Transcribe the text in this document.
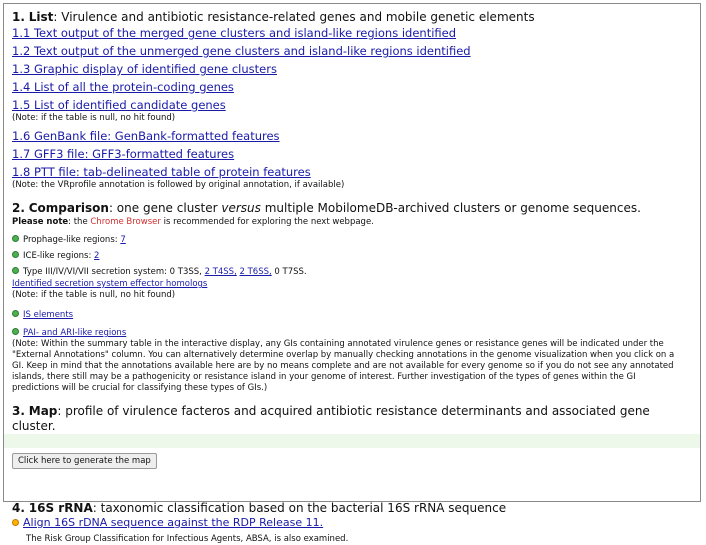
1. List: Virulence and antibiotic resistance-related genes and mobile genetic elements
1.1 Text output of the merged gene clusters and island-like regions identified
1.2 Text output of the unmerged gene clusters and island-like regions identified
1.3 Graphic display of identified gene clusters
1.4 List of all the protein-coding genes
1.5 List of identified candidate genes
(Note: if the table is null, no hit found)
1.6 GenBank file: GenBank-formatted features
1.7 GFF3 file: GFF3-formatted features
1.8 PTT file: tab-delineated table of protein features
(Note: the VRprofile annotation is followed by original annotation, if available)
2. Comparison: one gene cluster versus multiple MobilomeDB-archived clusters or genome sequences.
Please note: the Chrome Browser is recommended for exploring the next webpage.
Prophage-like regions: 7
ICE-like regions: 2
Type III/IV/VI/VII secretion system: 0 T3SS, 2 T4SS, 2 T6SS, 0 T7SS.
Identified secretion system effector homologs
(Note: if the table is null, no hit found)
IS elements
PAI- and ARI-like regions

(Note: Within the summary table in the interactive display, any GIs containing annotated virulence genes or resistance genes will be indicated under the "External Annotations" column. You can alternatively determine overlap by manually checking annotations in the genome visualization when you click on a GI. Keep in mind that the annotations available here are by no means complete and are not available for every genome so if you do not see any annotated islands, there still may be a pathogenicity or resistance island in your genome of interest. Further investigation of the types of genes within the GI predictions will be crucial for classifying these types of GIs.)

3. Map: profile of virulence facteros and acquired antibiotic resistance determinants and associated gene cluster.
Click here to generate the map
4. 16S rRNA: taxonomic classification based on the bacterial 16S rRNA sequence
Align 16S rDNA sequence against the RDP Release 11.
The Risk Group Classification for Infectious Agents, ABSA, is also examined.
